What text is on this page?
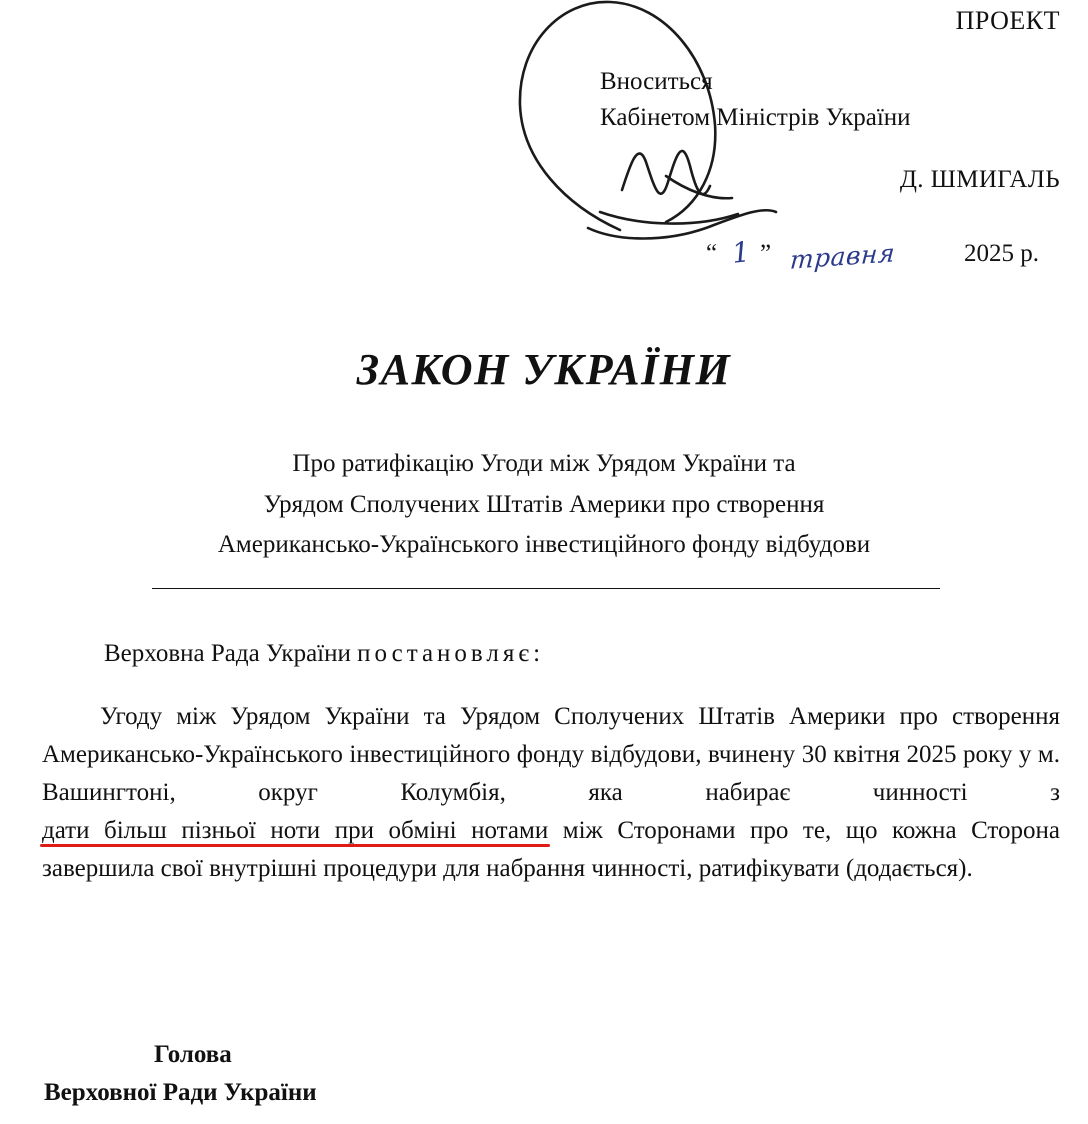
ПРОЕКТ
Вноситься
Кабінетом Міністрів України
Д. ШМИГАЛЬ
“ 1 ” травня	2025 р.
ЗАКОН УКРАЇНИ
Про ратифікацію Угоди між Урядом України та
Урядом Сполучених Штатів Америки про створення
Американсько-Українського інвестиційного фонду відбудови
Верховна Рада України постановляє:
Угоду між Урядом України та Урядом Сполучених Штатів Америки про створення Американсько-Українського інвестиційного фонду відбудови, вчинену 30 квітня 2025 року у м. Вашингтоні, округ Колумбія, яка набирає чинності з дати більш пізньої ноти при обміні нотами між Сторонами про те, що кожна Сторона завершила свої внутрішні процедури для набрання чинності, ратифікувати (додається).
Голова
Верховної Ради України
